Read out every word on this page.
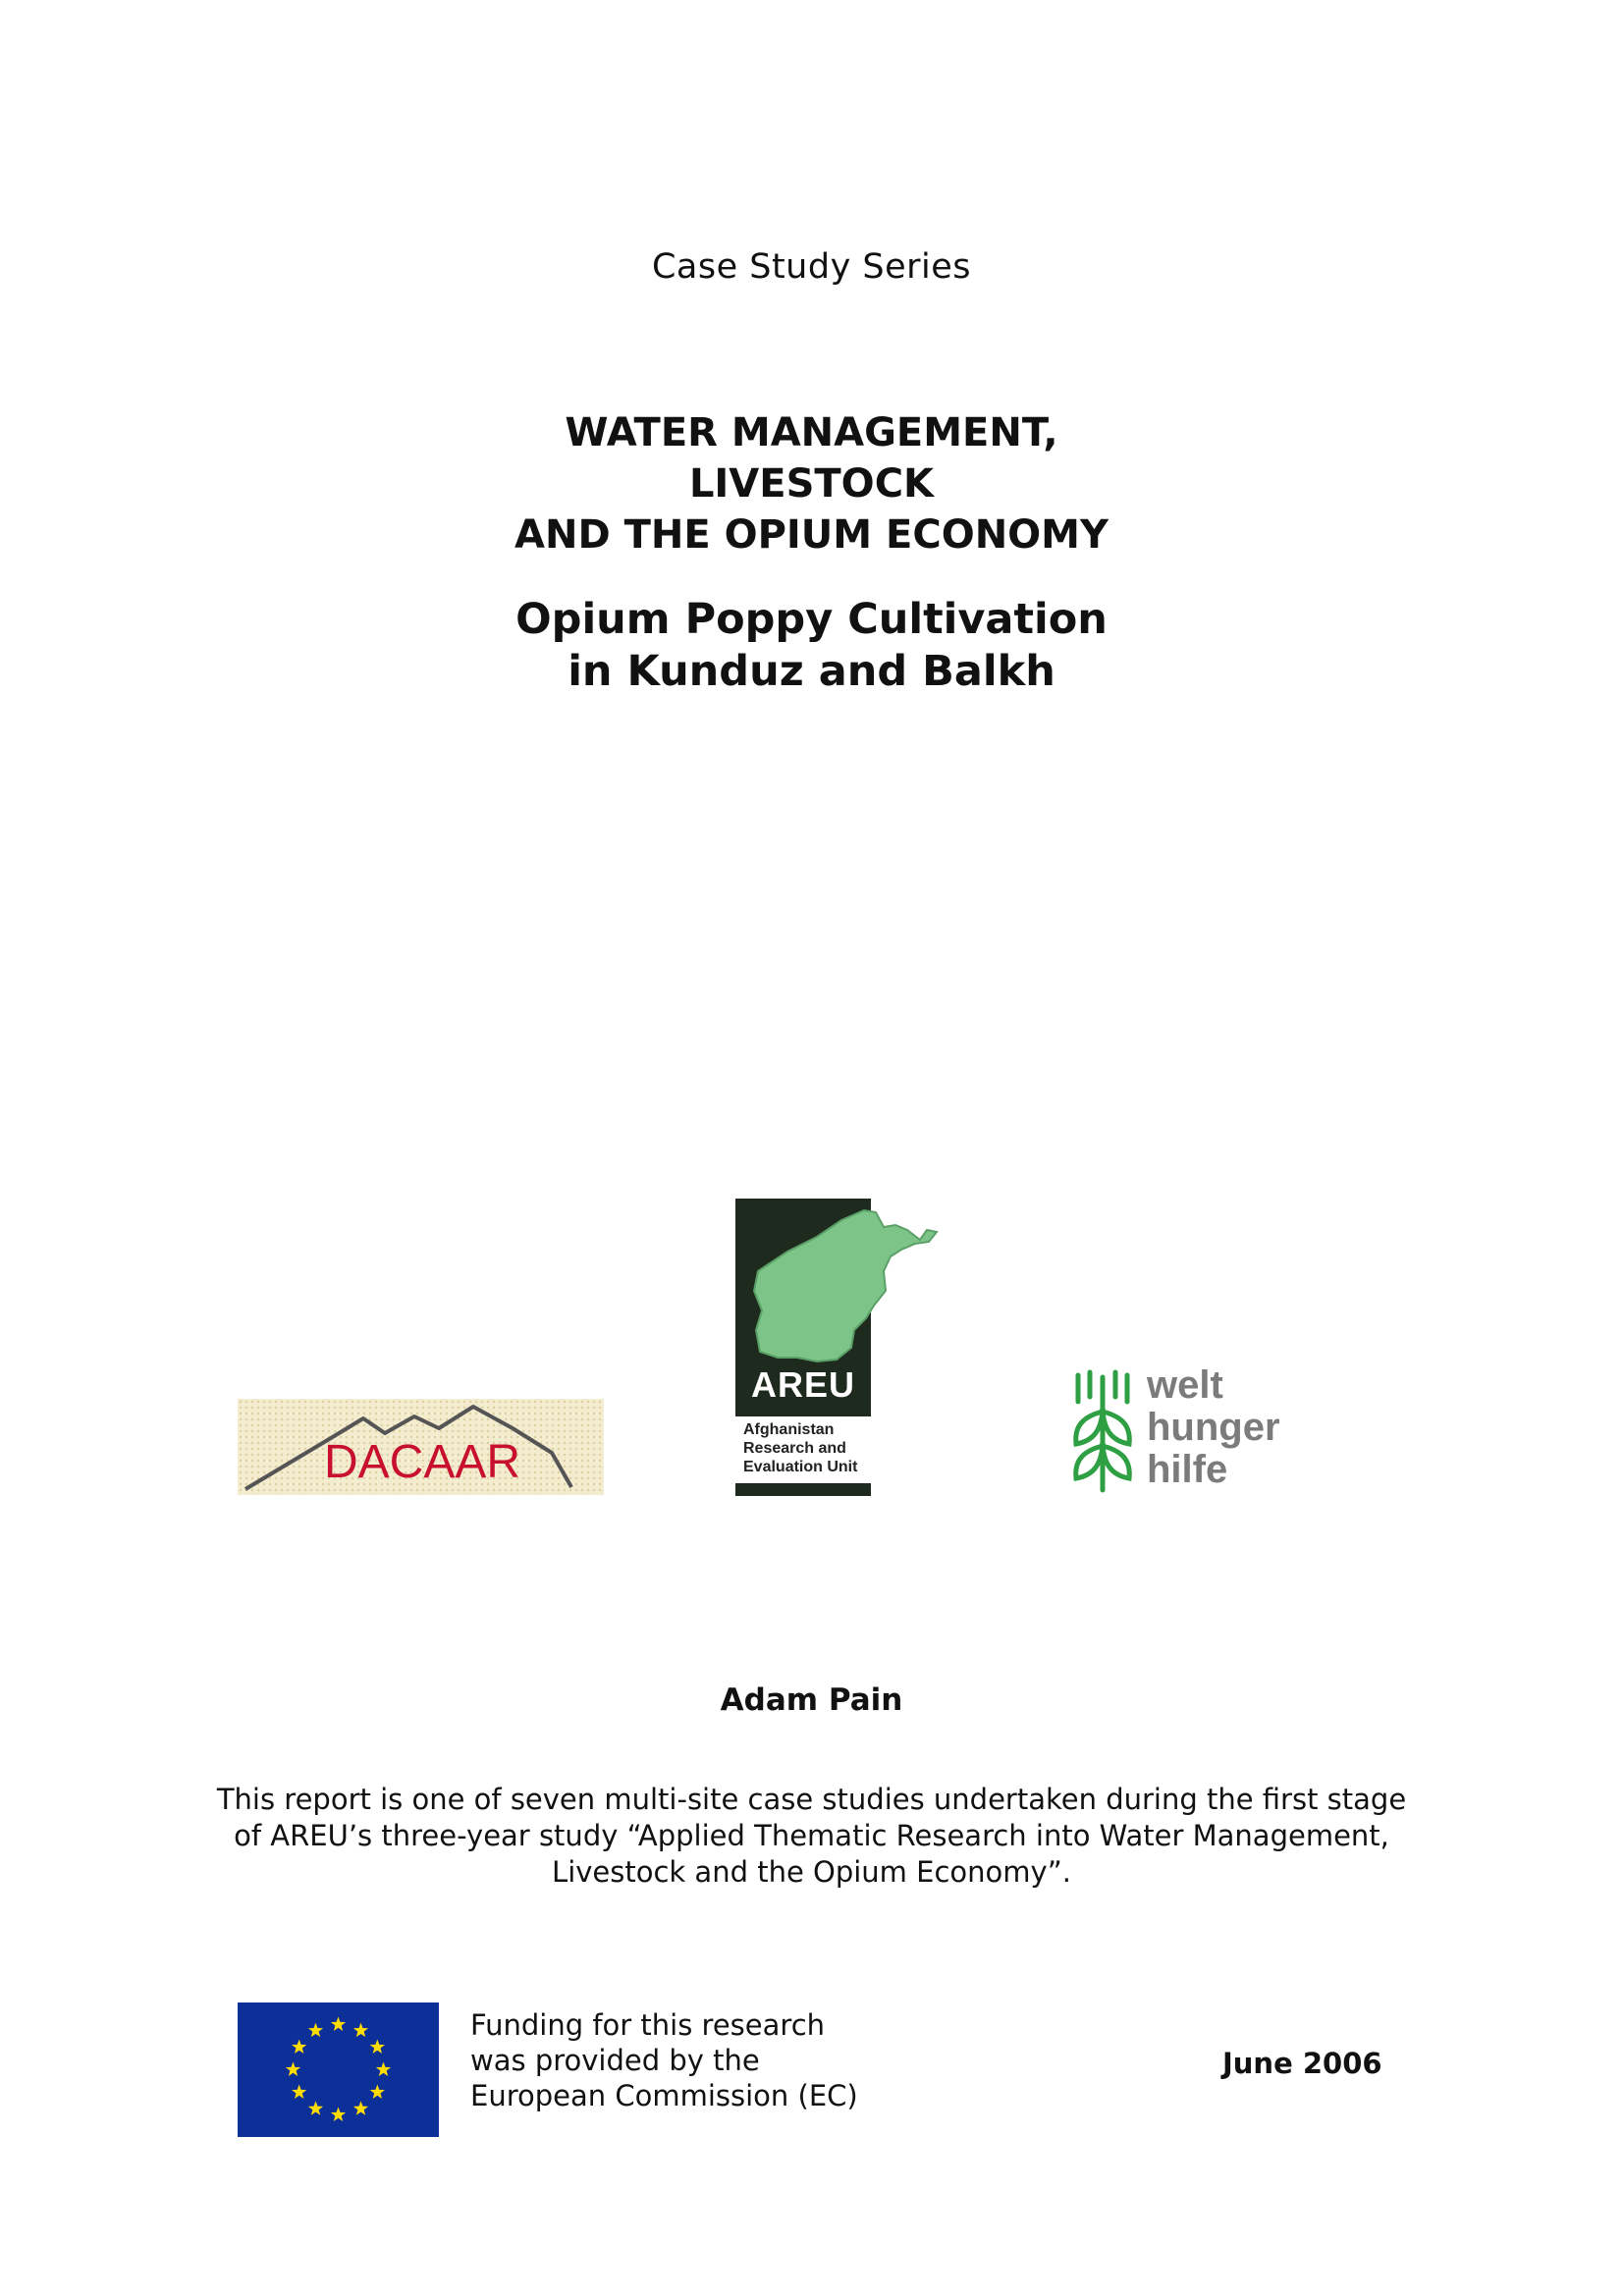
Case Study Series
WATER MANAGEMENT,
LIVESTOCK
AND THE OPIUM ECONOMY
Opium Poppy Cultivation
in Kunduz and Balkh
DACAAR
AREU
Afghanistan
Research and
Evaluation Unit
welt
hunger
hilfe
Adam Pain
This report is one of seven multi-site case studies undertaken during the first stage
of AREU’s three-year study “Applied Thematic Research into Water Management,
Livestock and the Opium Economy”.
Funding for this research
was provided by the
European Commission (EC)
June 2006
